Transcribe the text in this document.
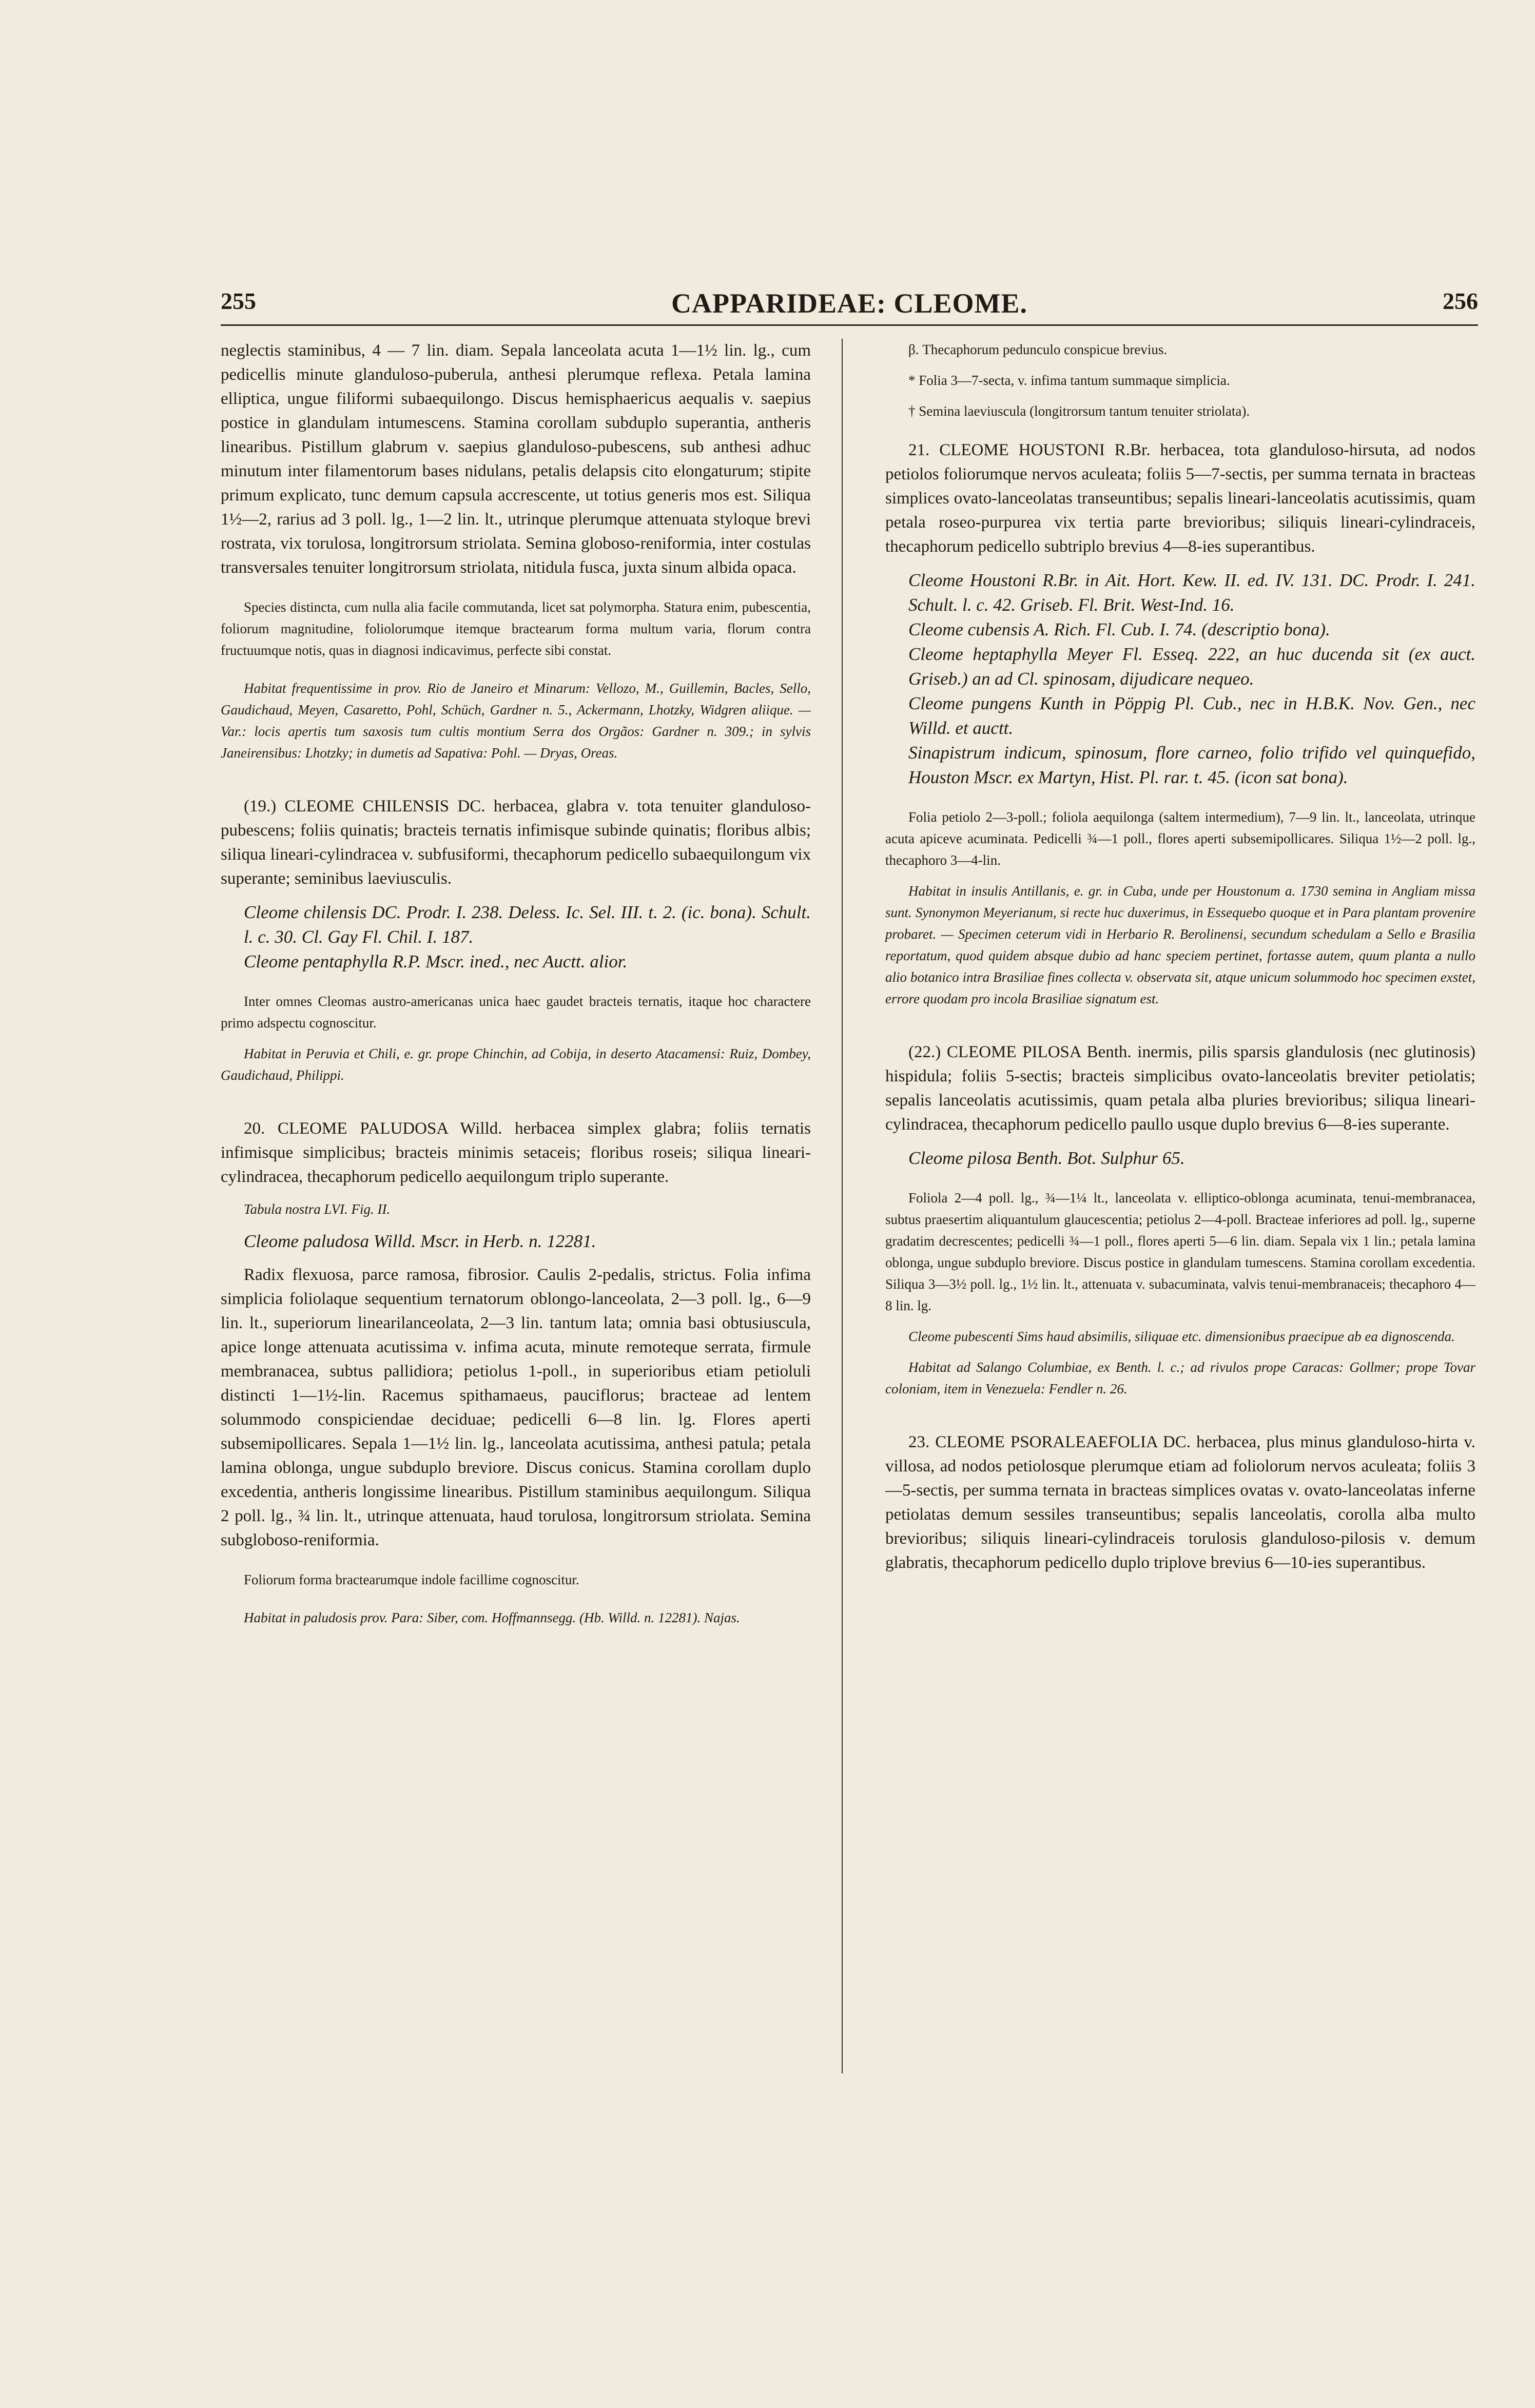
255	CAPPARIDEAE: CLEOME.	256

neglectis staminibus, 4 — 7 lin. diam. Sepala lanceolata acuta 1—1½ lin. lg., cum pedicellis minute glanduloso-puberula, anthesi plerumque reflexa. Petala lamina elliptica, ungue filiformi subaequilongo. Discus hemisphaericus aequalis v. saepius postice in glandulam intumescens. Stamina corollam subduplo superantia, antheris linearibus. Pistillum glabrum v. saepius glanduloso-pubescens, sub anthesi adhuc minutum inter filamentorum bases nidulans, petalis delapsis cito elongaturum; stipite primum explicato, tunc demum capsula accrescente, ut totius generis mos est. Siliqua 1½—2, rarius ad 3 poll. lg., 1—2 lin. lt., utrinque plerumque attenuata styloque brevi rostrata, vix torulosa, longitrorsum striolata. Semina globoso-reniformia, inter costulas transversales tenuiter longitrorsum striolata, nitidula fusca, juxta sinum albida opaca.

Species distincta, cum nulla alia facile commutanda, licet sat polymorpha. Statura enim, pubescentia, foliorum magnitudine, foliolorumque itemque bractearum forma multum varia, florum contra fructuumque notis, quas in diagnosi indicavimus, perfecte sibi constat.

Habitat frequentissime in prov. Rio de Janeiro et Minarum: Vellozo, M., Guillemin, Bacles, Sello, Gaudichaud, Meyen, Casaretto, Pohl, Schüch, Gardner n. 5., Ackermann, Lhotzky, Widgren aliique. — Var.: locis apertis tum saxosis tum cultis montium Serra dos Orgãos: Gardner n. 309.; in sylvis Janeirensibus: Lhotzky; in dumetis ad Sapativa: Pohl. — Dryas, Oreas.

(19.) CLEOME CHILENSIS DC. herbacea, glabra v. tota tenuiter glanduloso-pubescens; foliis quinatis; bracteis ternatis infimisque subinde quinatis; floribus albis; siliqua lineari-cylindracea v. subfusiformi, thecaphorum pedicello subaequilongum vix superante; seminibus laeviusculis.

Cleome chilensis DC. Prodr. I. 238. Deless. Ic. Sel. III. t. 2. (ic. bona). Schult. l. c. 30. Cl. Gay Fl. Chil. I. 187.

Cleome pentaphylla R.P. Mscr. ined., nec Auctt. alior.

Inter omnes Cleomas austro-americanas unica haec gaudet bracteis ternatis, itaque hoc charactere primo adspectu cognoscitur.

Habitat in Peruvia et Chili, e. gr. prope Chinchin, ad Cobija, in deserto Atacamensi: Ruiz, Dombey, Gaudichaud, Philippi.

20. CLEOME PALUDOSA Willd. herbacea simplex glabra; foliis ternatis infimisque simplicibus; bracteis minimis setaceis; floribus roseis; siliqua lineari-cylindracea, thecaphorum pedicello aequilongum triplo superante.

Tabula nostra LVI. Fig. II.

Cleome paludosa Willd. Mscr. in Herb. n. 12281.

Radix flexuosa, parce ramosa, fibrosior. Caulis 2-pedalis, strictus. Folia infima simplicia foliolaque sequentium ternatorum oblongo-lanceolata, 2—3 poll. lg., 6—9 lin. lt., superiorum linearilanceolata, 2—3 lin. tantum lata; omnia basi obtusiuscula, apice longe attenuata acutissima v. infima acuta, minute remoteque serrata, firmule membranacea, subtus pallidiora; petiolus 1-poll., in superioribus etiam petioluli distincti 1—1½-lin. Racemus spithamaeus, pauciflorus; bracteae ad lentem solummodo conspiciendae deciduae; pedicelli 6—8 lin. lg. Flores aperti subsemipollicares. Sepala 1—1½ lin. lg., lanceolata acutissima, anthesi patula; petala lamina oblonga, ungue subduplo breviore. Discus conicus. Stamina corollam duplo excedentia, antheris longissime linearibus. Pistillum staminibus aequilongum. Siliqua 2 poll. lg., ¾ lin. lt., utrinque attenuata, haud torulosa, longitrorsum striolata. Semina subgloboso-reniformia.

Foliorum forma bractearumque indole facillime cognoscitur.

Habitat in paludosis prov. Para: Siber, com. Hoffmannsegg. (Hb. Willd. n. 12281). Najas.

β. Thecaphorum pedunculo conspicue brevius.

* Folia 3—7-secta, v. infima tantum summaque simplicia.

† Semina laeviuscula (longitrorsum tantum tenuiter striolata).

21. CLEOME HOUSTONI R.Br. herbacea, tota glanduloso-hirsuta, ad nodos petiolos foliorumque nervos aculeata; foliis 5—7-sectis, per summa ternata in bracteas simplices ovato-lanceolatas transeuntibus; sepalis lineari-lanceolatis acutissimis, quam petala roseo-purpurea vix tertia parte brevioribus; siliquis lineari-cylindraceis, thecaphorum pedicello subtriplo brevius 4—8-ies superantibus.

Cleome Houstoni R.Br. in Ait. Hort. Kew. II. ed. IV. 131. DC. Prodr. I. 241. Schult. l. c. 42. Griseb. Fl. Brit. West-Ind. 16.

Cleome cubensis A. Rich. Fl. Cub. I. 74. (descriptio bona).

Cleome heptaphylla Meyer Fl. Esseq. 222, an huc ducenda sit (ex auct. Griseb.) an ad Cl. spinosam, dijudicare nequeo.

Cleome pungens Kunth in Pöppig Pl. Cub., nec in H.B.K. Nov. Gen., nec Willd. et auctt.

Sinapistrum indicum, spinosum, flore carneo, folio trifido vel quinquefido, Houston Mscr. ex Martyn, Hist. Pl. rar. t. 45. (icon sat bona).

Folia petiolo 2—3-poll.; foliola aequilonga (saltem intermedium), 7—9 lin. lt., lanceolata, utrinque acuta apiceve acuminata. Pedicelli ¾—1 poll., flores aperti subsemipollicares. Siliqua 1½—2 poll. lg., thecaphoro 3—4-lin.

Habitat in insulis Antillanis, e. gr. in Cuba, unde per Houstonum a. 1730 semina in Angliam missa sunt. Synonymon Meyerianum, si recte huc duxerimus, in Essequebo quoque et in Para plantam provenire probaret. — Specimen ceterum vidi in Herbario R. Berolinensi, secundum schedulam a Sello e Brasilia reportatum, quod quidem absque dubio ad hanc speciem pertinet, fortasse autem, quum planta a nullo alio botanico intra Brasiliae fines collecta v. observata sit, atque unicum solummodo hoc specimen exstet, errore quodam pro incola Brasiliae signatum est.

(22.) CLEOME PILOSA Benth. inermis, pilis sparsis glandulosis (nec glutinosis) hispidula; foliis 5-sectis; bracteis simplicibus ovato-lanceolatis breviter petiolatis; sepalis lanceolatis acutissimis, quam petala alba pluries brevioribus; siliqua lineari-cylindracea, thecaphorum pedicello paullo usque duplo brevius 6—8-ies superante.

Cleome pilosa Benth. Bot. Sulphur 65.

Foliola 2—4 poll. lg., ¾—1¼ lt., lanceolata v. elliptico-oblonga acuminata, tenui-membranacea, subtus praesertim aliquantulum glaucescentia; petiolus 2—4-poll. Bracteae inferiores ad poll. lg., superne gradatim decrescentes; pedicelli ¾—1 poll., flores aperti 5—6 lin. diam. Sepala vix 1 lin.; petala lamina oblonga, ungue subduplo breviore. Discus postice in glandulam tumescens. Stamina corollam excedentia. Siliqua 3—3½ poll. lg., 1½ lin. lt., attenuata v. subacuminata, valvis tenui-membranaceis; thecaphoro 4—8 lin. lg.

Cleome pubescenti Sims haud absimilis, siliquae etc. dimensionibus praecipue ab ea dignoscenda.

Habitat ad Salango Columbiae, ex Benth. l. c.; ad rivulos prope Caracas: Gollmer; prope Tovar coloniam, item in Venezuela: Fendler n. 26.

23. CLEOME PSORALEAEFOLIA DC. herbacea, plus minus glanduloso-hirta v. villosa, ad nodos petiolosque plerumque etiam ad foliolorum nervos aculeata; foliis 3—5-sectis, per summa ternata in bracteas simplices ovatas v. ovato-lanceolatas inferne petiolatas demum sessiles transeuntibus; sepalis lanceolatis, corolla alba multo brevioribus; siliquis lineari-cylindraceis torulosis glanduloso-pilosis v. demum glabratis, thecaphorum pedicello duplo triplove brevius 6—10-ies superantibus.
